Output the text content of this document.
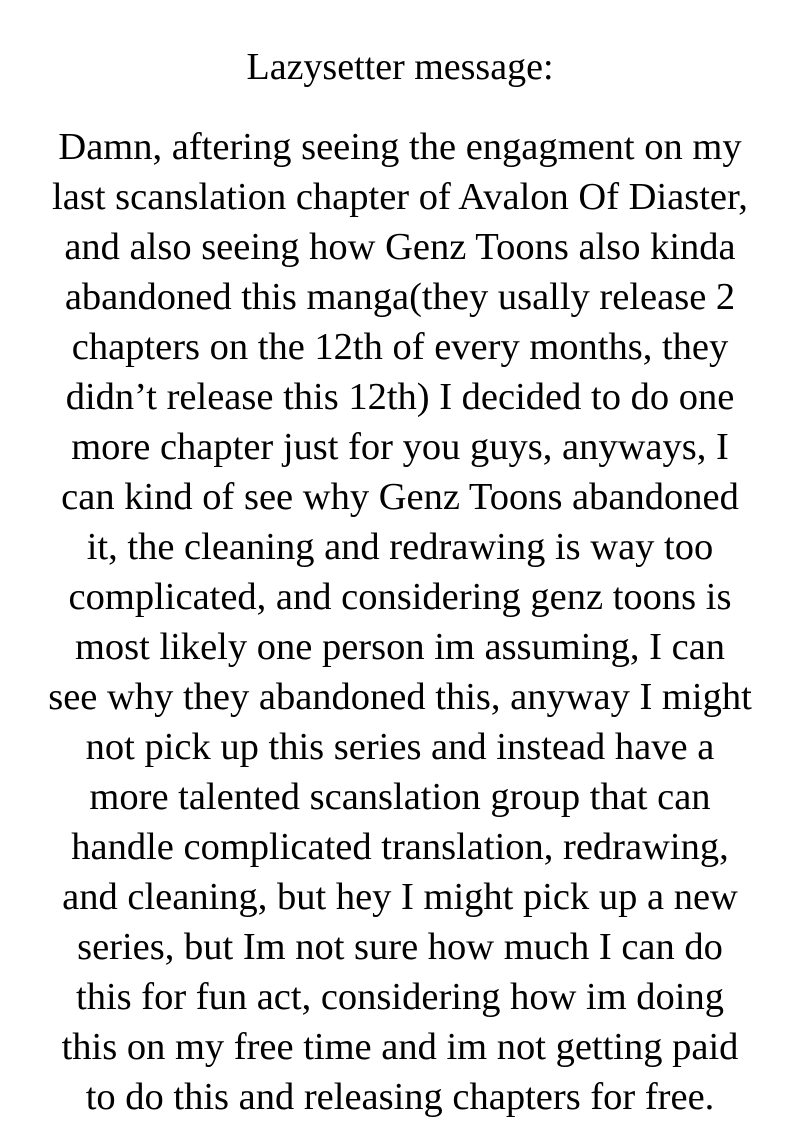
Lazysetter message:
Damn, aftering seeing the engagment on my
last scanslation chapter of Avalon Of Diaster,
and also seeing how Genz Toons also kinda
abandoned this manga(they usally release 2
chapters on the 12th of every months, they
didn’t release this 12th) I decided to do one
more chapter just for you guys, anyways, I
can kind of see why Genz Toons abandoned
it, the cleaning and redrawing is way too
complicated, and considering genz toons is
most likely one person im assuming, I can
see why they abandoned this, anyway I might
not pick up this series and instead have a
more talented scanslation group that can
handle complicated translation, redrawing,
and cleaning, but hey I might pick up a new
series, but Im not sure how much I can do
this for fun act, considering how im doing
this on my free time and im not getting paid
to do this and releasing chapters for free.
